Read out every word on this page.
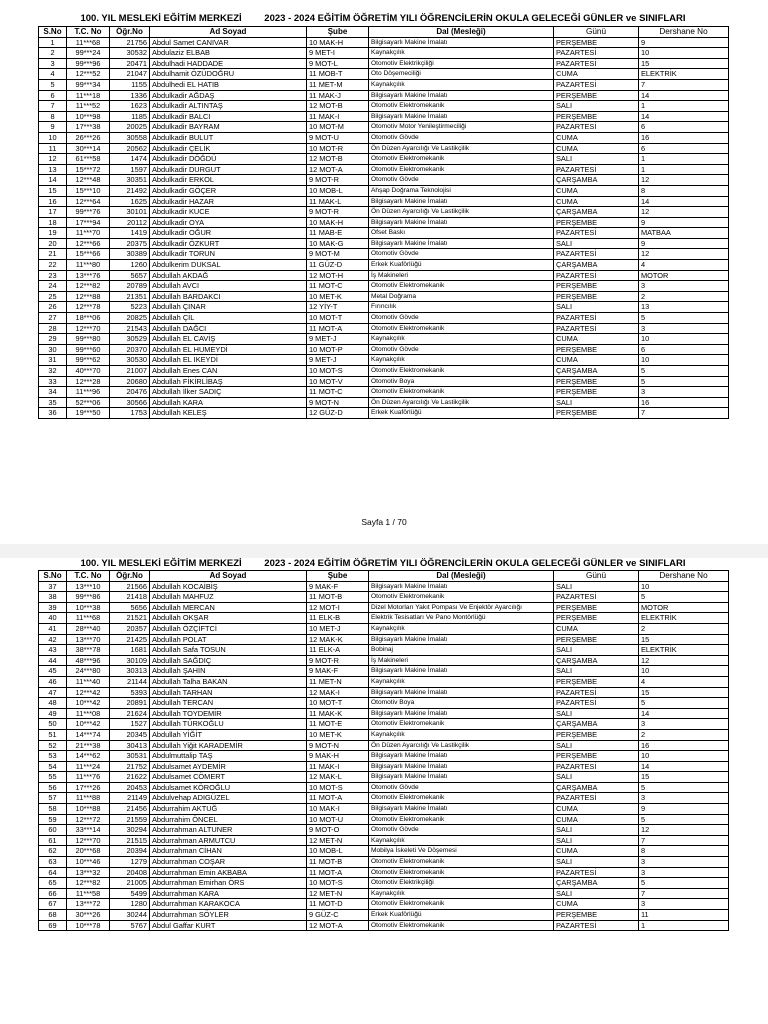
100. YIL MESLEKİ EĞİTİM MERKEZİ 2023 - 2024 EĞİTİM ÖĞRETİM YILI ÖĞRENCİLERİN OKULA GELECEĞİ GÜNLER ve SINIFLARI
S.No	T.C. No	Öğr.No	Ad Soyad	Şube	Dal (Mesleği)	Günü	Dershane No
1	11***68	21756	Abdul Samet CANIVAR	10 MAK-H	Bilgisayarlı Makine İmalatı	PERŞEMBE	9
2	99***24	30532	Abdulaziz ELBAB	9 MET-I	Kaynakçılık	PAZARTESİ	10
3	99***96	20471	Abdulhadi HADDADE	9 MOT-L	Otomotiv Elektrikçiliği	PAZARTESİ	15
4	12***52	21047	Abdulhamit ÖZÜDOĞRU	11 MOB-T	Oto Döşemeciliği	CUMA	ELEKTRİK
5	99***34	1155	Abdulhedi EL HATIB	11 MET-M	Kaynakçılık	PAZARTESİ	7
6	11***18	1336	Abdulkadir AĞDAŞ	11 MAK-J	Bilgisayarlı Makine İmalatı	PERŞEMBE	14
7	11***52	1623	Abdulkadir ALTINTAŞ	12 MOT-B	Otomotiv Elektromekanik	SALI	1
8	10***98	1185	Abdulkadir BALCI	11 MAK-I	Bilgisayarlı Makine İmalatı	PERŞEMBE	14
9	17***38	20025	Abdulkadir BAYRAM	10 MOT-M	Otomotiv Motor Yenileştirmeciliği	PAZARTESİ	6
10	26***26	30558	Abdulkadir BULUT	9 MOT-U	Otomotiv Gövde	CUMA	16
11	30***14	20562	Abdulkadir ÇELİK	10 MOT-R	Ön Düzen Ayarcılığı Ve Lastikçilik	CUMA	6
12	61***58	1474	Abdulkadir DÖĞDÜ	12 MOT-B	Otomotiv Elektromekanik	SALI	1
13	15***72	1597	Abdulkadir DURGUT	12 MOT-A	Otomotiv Elektromekanik	PAZARTESİ	1
14	12***48	30351	Abdulkadir ERKOL	9 MOT-R	Otomotiv Gövde	ÇARŞAMBA	12
15	15***10	21492	Abdulkadir GÖÇER	10 MOB-L	Ahşap Doğrama Teknolojisi	CUMA	8
16	12***64	1625	Abdulkadir HAZAR	11 MAK-L	Bilgisayarlı Makine İmalatı	CUMA	14
17	99***76	30101	Abdulkadir KUCE	9 MOT-R	Ön Düzen Ayarcılığı Ve Lastikçilik	ÇARŞAMBA	12
18	17***94	20112	Abdulkadir OYA	10 MAK-H	Bilgisayarlı Makine İmalatı	PERŞEMBE	9
19	11***70	1419	Abdulkadir OĞUR	11 MAB-E	Ofset Baskı	PAZARTESİ	MATBAA
20	12***66	20375	Abdulkadir ÖZKURT	10 MAK-G	Bilgisayarlı Makine İmalatı	SALI	9
21	15***66	30389	Abdulkadir TORUN	9 MOT-M	Otomotiv Gövde	PAZARTESİ	12
22	11***80	1260	Abdulkerim DUKSAL	11 GÜZ-D	Erkek Kuaförlüğü	ÇARŞAMBA	4
23	13***76	5657	Abdullah AKDAĞ	12 MOT-H	İş Makineleri	PAZARTESİ	MOTOR
24	12***82	20789	Abdullah AVCI	11 MOT-C	Otomotiv Elektromekanik	PERŞEMBE	3
25	12***88	21351	Abdullah BARDAKCI	10 MET-K	Metal Doğrama	PERŞEMBE	2
26	12***78	5223	Abdullah ÇINAR	12 YİY-T	Fırıncılık	SALI	13
27	18***06	20825	Abdullah ÇİL	10 MOT-T	Otomotiv Gövde	PAZARTESİ	5
28	12***70	21543	Abdullah DAĞCI	11 MOT-A	Otomotiv Elektromekanik	PAZARTESİ	3
29	99***80	30529	Abdullah EL CAVİŞ	9 MET-J	Kaynakçılık	CUMA	10
30	99***60	20370	Abdullah EL HUMEYDİ	10 MOT-P	Otomotiv Gövde	PERŞEMBE	6
31	99***62	30530	Abdullah EL IKEYDİ	9 MET-J	Kaynakçılık	CUMA	10
32	40***70	21007	Abdullah Enes CAN	10 MOT-S	Otomotiv Elektromekanik	ÇARŞAMBA	5
33	12***28	20680	Abdullah FİKİRLİBAŞ	10 MOT-V	Otomotiv Boya	PERŞEMBE	5
34	11***96	20476	Abdullah İlker SADIÇ	11 MOT-C	Otomotiv Elektromekanik	PERŞEMBE	3
35	52***06	30566	Abdullah KARA	9 MOT-N	Ön Düzen Ayarcılığı Ve Lastikçilik	SALI	16
36	19***50	1753	Abdullah KELEŞ	12 GÜZ-D	Erkek Kuaförlüğü	PERŞEMBE	7
Sayfa 1 / 70
100. YIL MESLEKİ EĞİTİM MERKEZİ 2023 - 2024 EĞİTİM ÖĞRETİM YILI ÖĞRENCİLERİN OKULA GELECEĞİ GÜNLER ve SINIFLARI
S.No	T.C. No	Öğr.No	Ad Soyad	Şube	Dal (Mesleği)	Günü	Dershane No
37	13***10	21566	Abdullah KOCAİBİŞ	9 MAK-F	Bilgisayarlı Makine İmalatı	SALI	10
38	99***86	21418	Abdullah MAHFUZ	11 MOT-B	Otomotiv Elektromekanik	PAZARTESİ	5
39	10***38	5656	Abdullah MERCAN	12 MOT-I	Dizel Motorları Yakıt Pompası Ve Enjektör Ayarcılığı	PERŞEMBE	MOTOR
40	11***68	21521	Abdullah OKŞAR	11 ELK-B	Elektrik Tesisatları Ve Pano Montörlüğü	PERŞEMBE	ELEKTRİK
41	28***40	20357	Abdullah ÖZÇİFTCİ	10 MET-J	Kaynakçılık	CUMA	2
42	13***70	21425	Abdullah POLAT	12 MAK-K	Bilgisayarlı Makine İmalatı	PERŞEMBE	15
43	38***78	1681	Abdullah Safa TOSUN	11 ELK-A	Bobinaj	SALI	ELEKTRİK
44	48***96	30109	Abdullah SAĞDIÇ	9 MOT-R	İş Makineleri	ÇARŞAMBA	12
45	24***80	30313	Abdullah ŞAHİN	9 MAK-F	Bilgisayarlı Makine İmalatı	SALI	10
46	11***40	21144	Abdullah Talha BAKAN	11 MET-N	Kaynakçılık	PERŞEMBE	4
47	12***42	5393	Abdullah TARHAN	12 MAK-I	Bilgisayarlı Makine İmalatı	PAZARTESİ	15
48	10***42	20891	Abdullah TERCAN	10 MOT-T	Otomotiv Boya	PAZARTESİ	5
49	11***08	21624	Abdullah TOYDEMİR	11 MAK-K	Bilgisayarlı Makine İmalatı	SALI	14
50	10***42	1527	Abdullah TÜRKOĞLU	11 MOT-E	Otomotiv Elektromekanik	ÇARŞAMBA	3
51	14***74	20345	Abdullah YİĞİT	10 MET-K	Kaynakçılık	PERŞEMBE	2
52	21***38	30413	Abdullah Yiğit KARADEMİR	9 MOT-N	Ön Düzen Ayarcılığı Ve Lastikçilik	SALI	16
53	14***62	30531	Abdulmuttalip TAŞ	9 MAK-H	Bilgisayarlı Makine İmalatı	PERŞEMBE	10
54	11***24	21752	Abdulsamet AYDEMİR	11 MAK-I	Bilgisayarlı Makine İmalatı	PAZARTESİ	14
55	11***76	21622	Abdulsamet CÖMERT	12 MAK-L	Bilgisayarlı Makine İmalatı	SALI	15
56	17***26	20453	Abdulsamet KÖROĞLU	10 MOT-S	Otomotiv Gövde	ÇARŞAMBA	5
57	11***88	21149	Abdulvehap ADIGÜZEL	11 MOT-A	Otomotiv Elektromekanik	PAZARTESİ	3
58	10***88	21456	Abdurrahim AKTUĞ	10 MAK-I	Bilgisayarlı Makine İmalatı	CUMA	9
59	12***72	21559	Abdurrahim ÖNCEL	10 MOT-U	Otomotiv Elektromekanik	CUMA	5
60	33***14	30294	Abdurrahman ALTUNER	9 MOT-O	Otomotiv Gövde	SALI	12
61	12***70	21515	Abdurrahman ARMUTCU	12 MET-N	Kaynakçılık	SALI	7
62	20***68	20394	Abdurrahman CİHAN	10 MOB-L	Mobilya İskeleti Ve Döşemesi	CUMA	8
63	10***46	1279	Abdurrahman COŞAR	11 MOT-B	Otomotiv Elektromekanik	SALI	3
64	13***32	20408	Abdurrahman Emin AKBABA	11 MOT-A	Otomotiv Elektromekanik	PAZARTESİ	3
65	12***82	21005	Abdurrahman Emirhan ÖRS	10 MOT-S	Otomotiv Elektrikçiliği	ÇARŞAMBA	5
66	11***58	5499	Abdurrahman KARA	12 MET-N	Kaynakçılık	SALI	7
67	13***72	1280	Abdurrahman KARAKOCA	11 MOT-D	Otomotiv Elektromekanik	CUMA	3
68	30***26	30244	Abdurrahman SÖYLER	9 GÜZ-C	Erkek Kuaförlüğü	PERŞEMBE	11
69	10***78	5767	Abdul Gaffar KURT	12 MOT-A	Otomotiv Elektromekanik	PAZARTESİ	1
